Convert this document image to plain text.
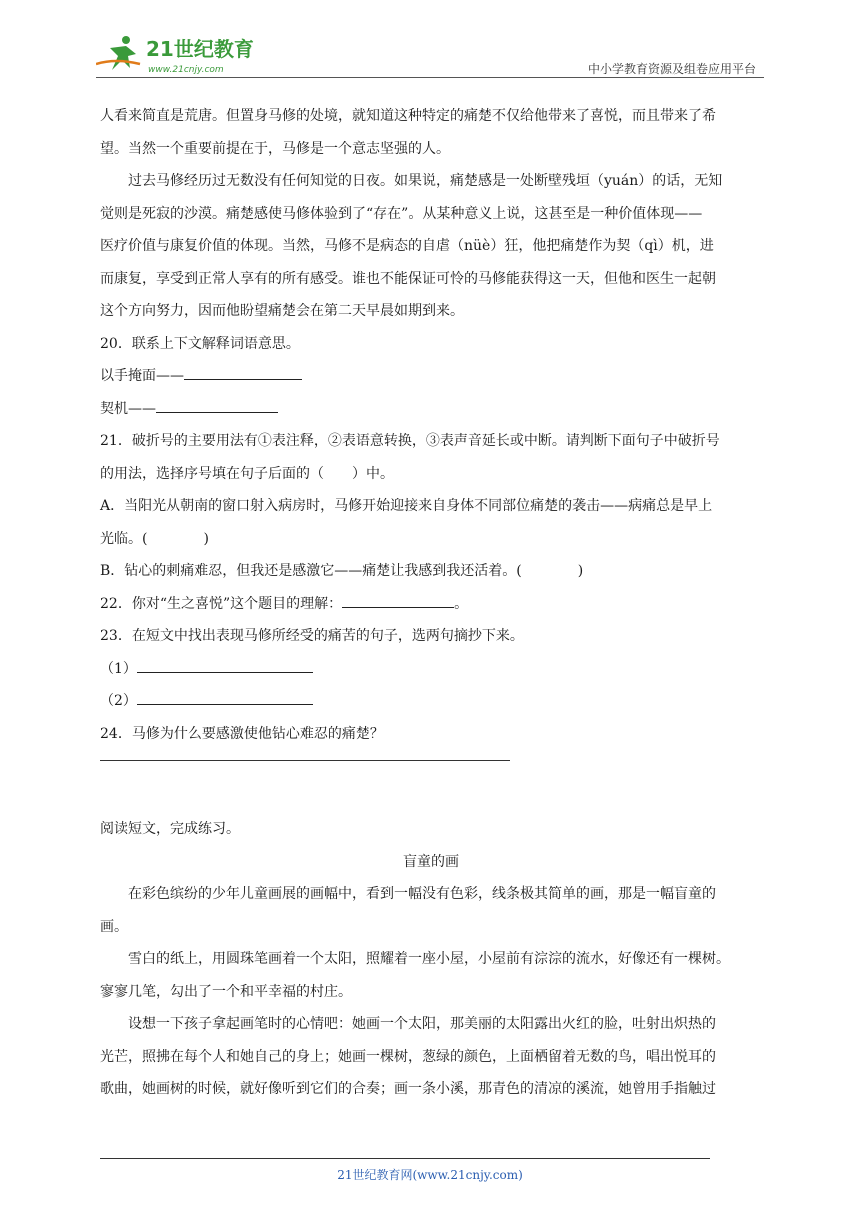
21世纪教育
www.21cnjy.com	中小学教育资源及组卷应用平台
人看来简直是荒唐。但置身马修的处境，就知道这种特定的痛楚不仅给他带来了喜悦，而且带来了希
望。当然一个重要前提在于，马修是一个意志坚强的人。
过去马修经历过无数没有任何知觉的日夜。如果说，痛楚感是一处断壁残垣（yuán）的话，无知
觉则是死寂的沙漠。痛楚感使马修体验到了“存在”。从某种意义上说，这甚至是一种价值体现——
医疗价值与康复价值的体现。当然，马修不是病态的自虐（nüè）狂，他把痛楚作为契（qì）机，进
而康复，享受到正常人享有的所有感受。谁也不能保证可怜的马修能获得这一天，但他和医生一起朝
这个方向努力，因而他盼望痛楚会在第二天早晨如期到来。
20．联系上下文解释词语意思。
以手掩面——
契机——
21．破折号的主要用法有①表注释，②表语意转换，③表声音延长或中断。请判断下面句子中破折号
的用法，选择序号填在句子后面的（　　）中。
A．当阳光从朝南的窗口射入病房时，马修开始迎接来自身体不同部位痛楚的袭击——病痛总是早上
光临。(	)
B．钻心的刺痛难忍，但我还是感激它——痛楚让我感到我还活着。(	)
22．你对“生之喜悦”这个题目的理解：	。
23．在短文中找出表现马修所经受的痛苦的句子，选两句摘抄下来。
（1）
（2）
24．马修为什么要感激使他钻心难忍的痛楚？
阅读短文，完成练习。
盲童的画
在彩色缤纷的少年儿童画展的画幅中，看到一幅没有色彩，线条极其简单的画，那是一幅盲童的
画。
雪白的纸上，用圆珠笔画着一个太阳，照耀着一座小屋，小屋前有淙淙的流水，好像还有一棵树。
寥寥几笔，勾出了一个和平幸福的村庄。
设想一下孩子拿起画笔时的心情吧：她画一个太阳，那美丽的太阳露出火红的脸，吐射出炽热的
光芒，照拂在每个人和她自己的身上；她画一棵树，葱绿的颜色，上面栖留着无数的鸟，唱出悦耳的
歌曲，她画树的时候，就好像听到它们的合奏；画一条小溪，那青色的清凉的溪流，她曾用手指触过
21世纪教育网(www.21cnjy.com)
